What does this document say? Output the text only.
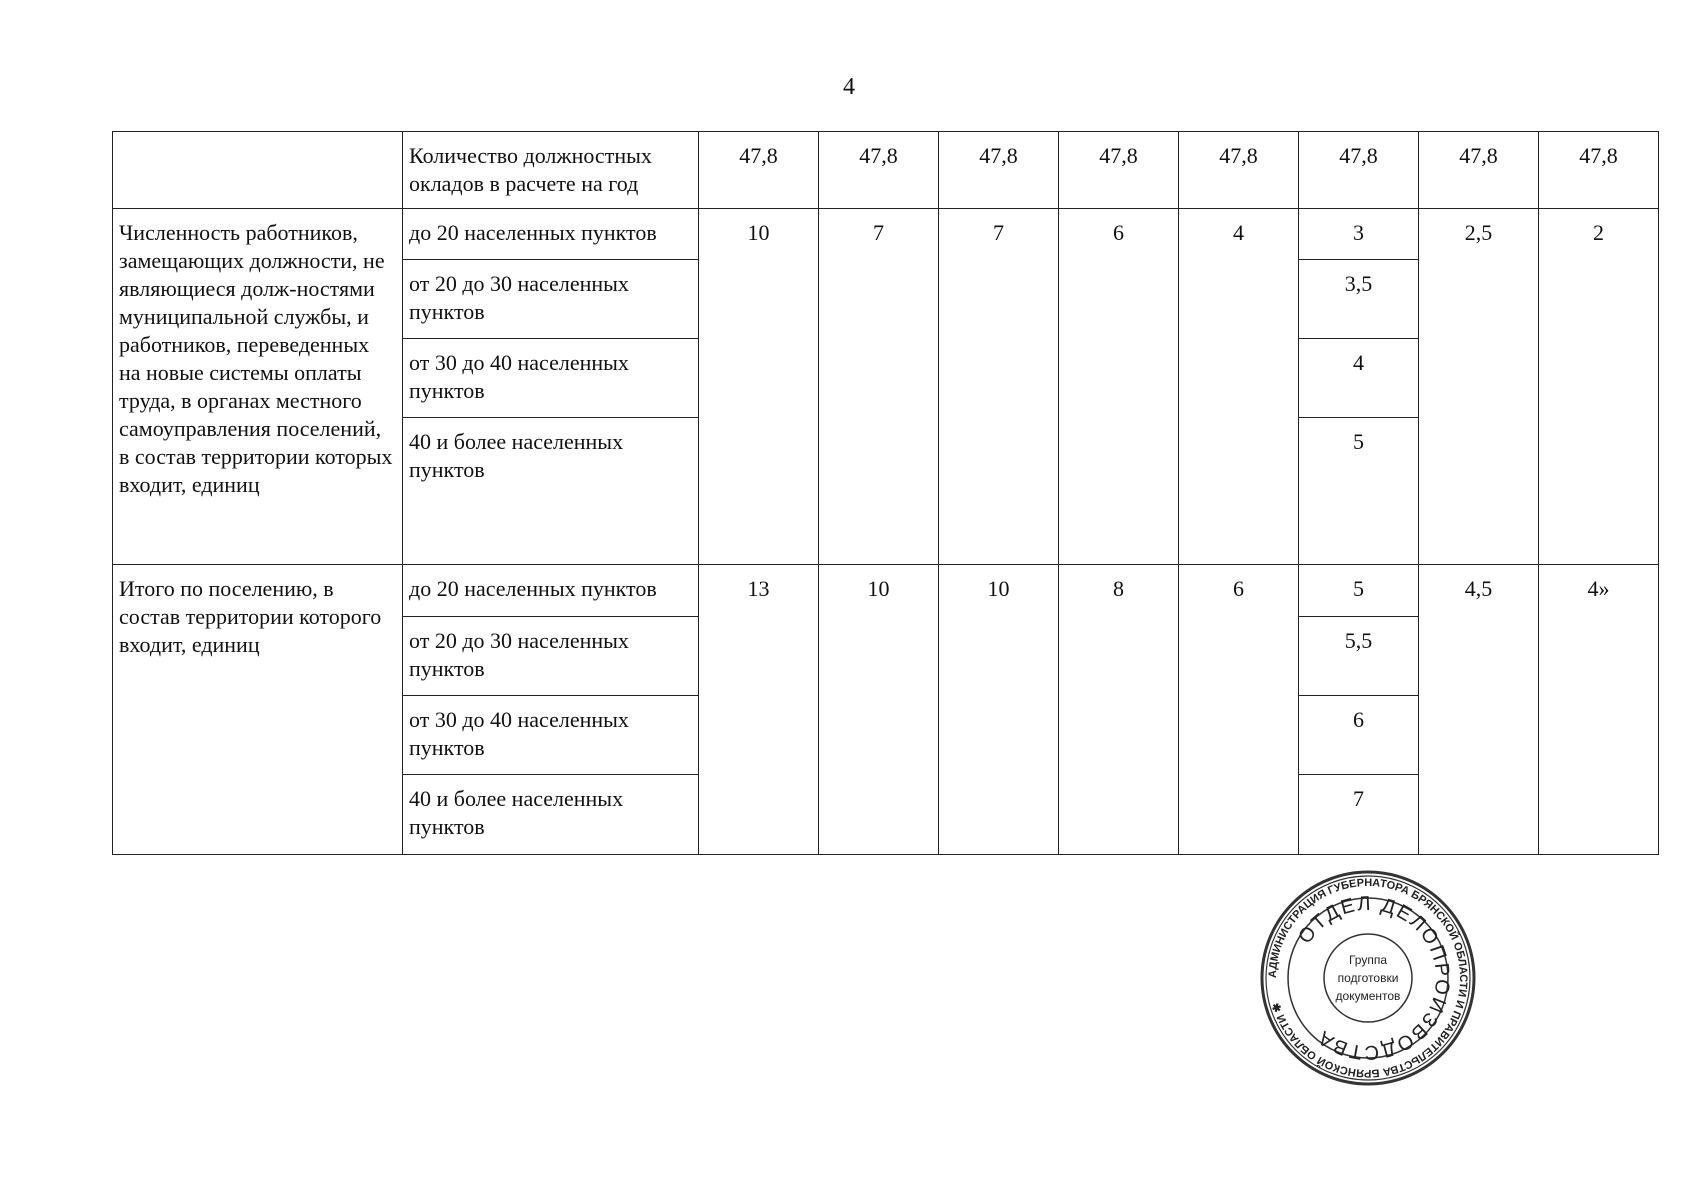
4
	Количество должностных окладов в расчете на год	47,8	47,8	47,8	47,8	47,8	47,8	47,8	47,8
Численность работников, замещающих должности, не являющиеся долж-ностями муниципальной службы, и работников, переведенных на новые системы оплаты труда, в органах местного самоуправления поселений, в состав территории которых входит, единиц	до 20 населенных пунктов	10	7	7	6	4	3	2,5	2
	от 20 до 30 населенных пунктов						3,5		
	от 30 до 40 населенных пунктов						4		
	40 и более населенных пунктов						5		
Итого по поселению, в состав территории которого входит, единиц	до 20 населенных пунктов	13	10	10	8	6	5	4,5	4»
	от 20 до 30 населенных пунктов						5,5		
	от 30 до 40 населенных пунктов						6		
	40 и более населенных пунктов						7		
АДМИНИСТРАЦИЯ ГУБЕРНАТОРА БРЯНСКОЙ ОБЛАСТИ И ПРАВИТЕЛЬСТВА БРЯНСКОЙ ОБЛАСТИ ✱
ОТДЕЛ ДЕЛОПРОИЗВОДСТВА
Группа
подготовки
документов
